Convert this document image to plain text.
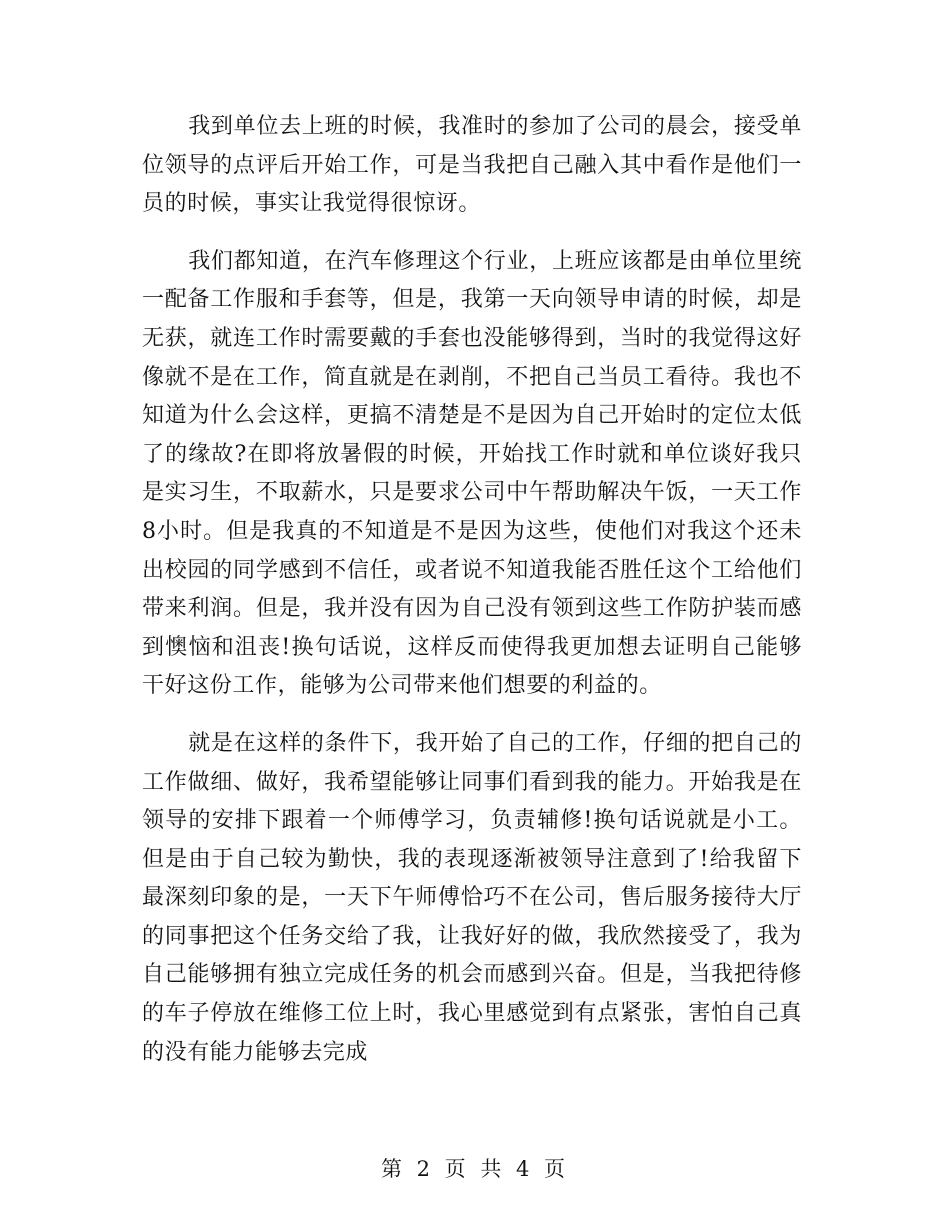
我到单位去上班的时候，我准时的参加了公司的晨会，接受单位领导的点评后开始工作，可是当我把自己融入其中看作是他们一员的时候，事实让我觉得很惊讶。

我们都知道，在汽车修理这个行业，上班应该都是由单位里统一配备工作服和手套等，但是，我第一天向领导申请的时候，却是无获，就连工作时需要戴的手套也没能够得到，当时的我觉得这好像就不是在工作，简直就是在剥削，不把自己当员工看待。我也不知道为什么会这样，更搞不清楚是不是因为自己开始时的定位太低了的缘故?在即将放暑假的时候，开始找工作时就和单位谈好我只是实习生，不取薪水，只是要求公司中午帮助解决午饭，一天工作8小时。但是我真的不知道是不是因为这些，使他们对我这个还未出校园的同学感到不信任，或者说不知道我能否胜任这个工给他们带来利润。但是，我并没有因为自己没有领到这些工作防护装而感到懊恼和沮丧!换句话说，这样反而使得我更加想去证明自己能够干好这份工作，能够为公司带来他们想要的利益的。

就是在这样的条件下，我开始了自己的工作，仔细的把自己的工作做细、做好，我希望能够让同事们看到我的能力。开始我是在领导的安排下跟着一个师傅学习，负责辅修!换句话说就是小工。但是由于自己较为勤快，我的表现逐渐被领导注意到了!给我留下最深刻印象的是，一天下午师傅恰巧不在公司，售后服务接待大厅的同事把这个任务交给了我，让我好好的做，我欣然接受了，我为自己能够拥有独立完成任务的机会而感到兴奋。但是，当我把待修的车子停放在维修工位上时，我心里感觉到有点紧张，害怕自己真的没有能力能够去完成

第 2 页 共 4 页
